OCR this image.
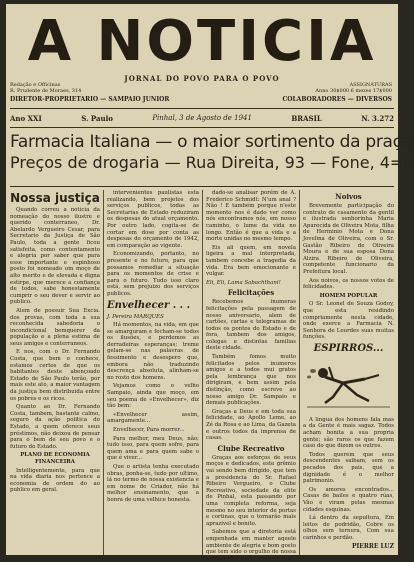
A NOTICIA
JORNAL DO POVO PARA O POVO
Redação e Officinas
R. Prudente de Moraes, 314
ASSIGNATURAS
Anno 30$000 6 mezes 17$000
DIRETOR-PROPRIETARIO — SAMPAIO JUNIOR	COLABORADORES — DIVERSOS
Ano XXI	S. Paulo	Pinhal, 3 de Agosto de 1941	BRASIL	N. 3.272
Farmacia Italiana — o maior sortimento da praça
Preços de drogaria — Rua Direita, 93 — Fone, 4=0
Nossa justiça

Quando correu a noticia da nomeação do nosso ilustre e querido conterraneo, Dr. Abelardo Vergueiro Cesar, para Secretario da Justiça de São Paulo, toda a gente ficou satisfeita, como contentamento e alegria por saber que para esse importante e espinhoso posto foi nomeado um moço de alto merito e de elevada e digna estirpe, que merece a confiança de todos, sabe honestamente cumprir o seu dever e servir ao publico.

Alem de possuir Sua Excia. dos provas, com toda a sua reconhecida sabedoria o incondicional bemquerer da população e a plena estima de seus amigos e conterraneos.

E nos, com o Dr. Fernando Costa, que bem o conhece, estamos certos de que os habitantes deste abençoado Estado de São Paulo terão, por mais este ato, a maior vantagem da justiça bem distribuida entre os pobres e os ricos.

Quanto ao Dr. Fernando Costa, tambem, bastante calmo, seguro da ação politica do Estado, a quem oferece seus préstimos, não deixou de pensar para o bem de seu povo e o futuro do Estado.

PLANO DE ECONOMIA FINANCEIRA

Intelligentemente, para que na vida diaria nos pertence a economia de ordem do ao publico em geral.

intervenientes paulistas esta realizando, bem projetos dos serviços publicos, todas as Secretarias de Estado reduziram os despesas do atual orçamento. Por outro lado, cogita-se de cortar em dose por conta as despesas do orçamento de 1942, em comparação ao vigente.

Economizando, portanto, no presente e no futuro, para que possamos remediar a situação para os momentos de crise e para o futuro. Tudo isso claro está, sem prejuizo dos serviços publicos.

Envelhecer . . .

J. Pereira MARQUES

Há momentos, na vida, em que se amarguram e fecham-se todos os ilusões, e perdemos as derradeiras esperanças; treme gelam-se nas palavras de fessimento e desespero que, embora não traduzindo descrença absoluta, alinham-se no rosto dos homens.

Vejamos como o velho Sampaio, ainda que moço, em seu poema de «Envelhecer», diz tão bem:

«Envelhecer assim, amargamente...

Envelhecer, Para morrer...

Para melhor, meu Deus, não; tudo isso, para quem sofre, para quem ama e para quem sabe o que é viver...

Que o artista tenha executado obras, ponha-se, tudo por ultimo, lá no termo de nossa existencia e em nome de Criador, não há melhor ensinamento, que a honra de uma velhice honesta.

dado-se analisar porém de A. Frederico Schmidt: N'um anal ? Não ! E também porque n'este momento nos é dado ver como nós encontramos nós, em nosso caminho, o lume da vida no longo. Então é que a vida e a morte unidas no mesmo tempo.

Eis ali quem, em novela ligeira a mal interpretada, tambem concebe a tragedia da vida. Era bem emocionante e vulgar.

Eli, Eli, Lama Sabachthani!

Felicitações

Recebemos inumeras felicitações pela passagem de nosso aniversario, alem de cartões, cartas e telegramas de todos os pontos do Estado e de fora, tambem dos amigos, colegas e distintas familias deste cidade.

Também fomos muito felicitados pelos inumeros amigos e a todos mui gratos pela lembrança que nos dirigiram, e bem assim pela distinção, como escreve ao nosso amigo Dr. Sampaio e demais publicações.

Graças a Deus e em toda sua felicidade, ao Apollo Leme, ao Zé da Rosa e ao Lima, da Gazeta e outros todos da imprensa de casas.

Clube Recreativo

Graças aos esforços de seus moços e dedicados, este grêmio vai sendo bem dirigido, que tem a presidencia do Sr. Rafael Ribeiro Vergueiro, o Clube Recreativo, sociedade da elite de Pinhal, esta passando por uma completa reforma, seja mesmo no seu interior de portas e cortinas, que o tornarão mais aprazivel e bonito.

Sabemos que a diretoria está empenhada em manter aquele ambiente de alegria e bom gosto que tem sido o orgulho de nossa sociedade.

Noivos

Brevemente participação do contrato de casamento da gentil e ilustrada senhorinha Maria Aparecida de Oliveira Mota, filha de Herminio Mota e Dona Jovelina de Oliveira, com o Sr. Gastão Ribeiro de Oliveira Moura e de sua esposa Dona Alzira Ribeiro de Oliveira, competente funcionario da Prefeitura local.

Aos noivos, os nossos votos de felicidades.

HOMEM POPULAR

O Sr. Leonel de Souza Godoy, que esta residindo compriamente nesta cidade, onde exerce a Farmacia N. Senhora de Lourdes suas muitas funções.

ESPIRROS...

A lingua dos homens fala mas a da Gente é mais sagaz. Todos acham bonita a sua propria gente; são raros os que fazem caso do que dizem os outros.

Todos querem que seus descendentes saibam, sem os pecados dos pais, que a dignidade é o melhor patrimonio.

Os amores encontrados... Casas de bailes e quatro rúas, Vão e viram pelas mesmas cidades esquinas.

Lá dentro da sepultura, Em leitos de podridão, Cobre os olhos sem ternura, Com sua carinhos e perdão.

PIERRE LUZ
